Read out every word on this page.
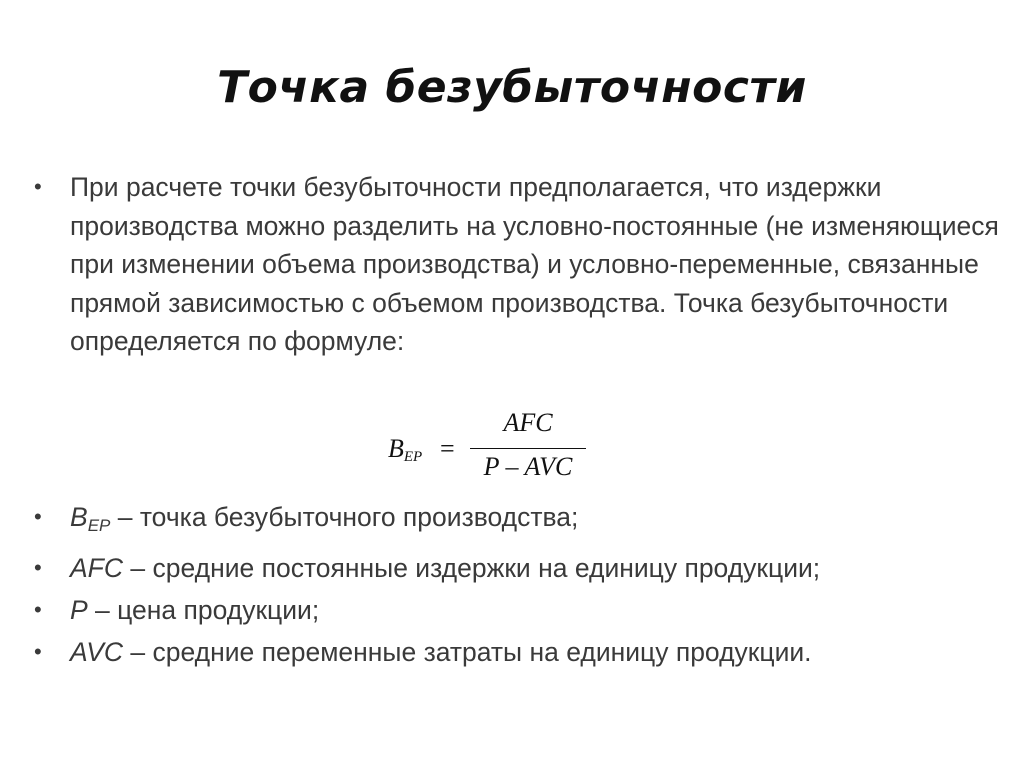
Точка безубыточности
•	При расчете точки безубыточности предполагается, что издержки производства можно разделить на условно-постоянные (не изменяющиеся при изменении объема производства) и условно-переменные, связанные прямой зависимостью с объемом производства. Точка безубыточности определяется по формуле:
$B_{EP}$ =
AFC
P – AVC
•	$B_{EP}$ – точка безубыточного производства;
•	AFC – средние постоянные издержки на единицу продукции;
•	P – цена продукции;
•	AVC – средние переменные затраты на единицу продукции.
